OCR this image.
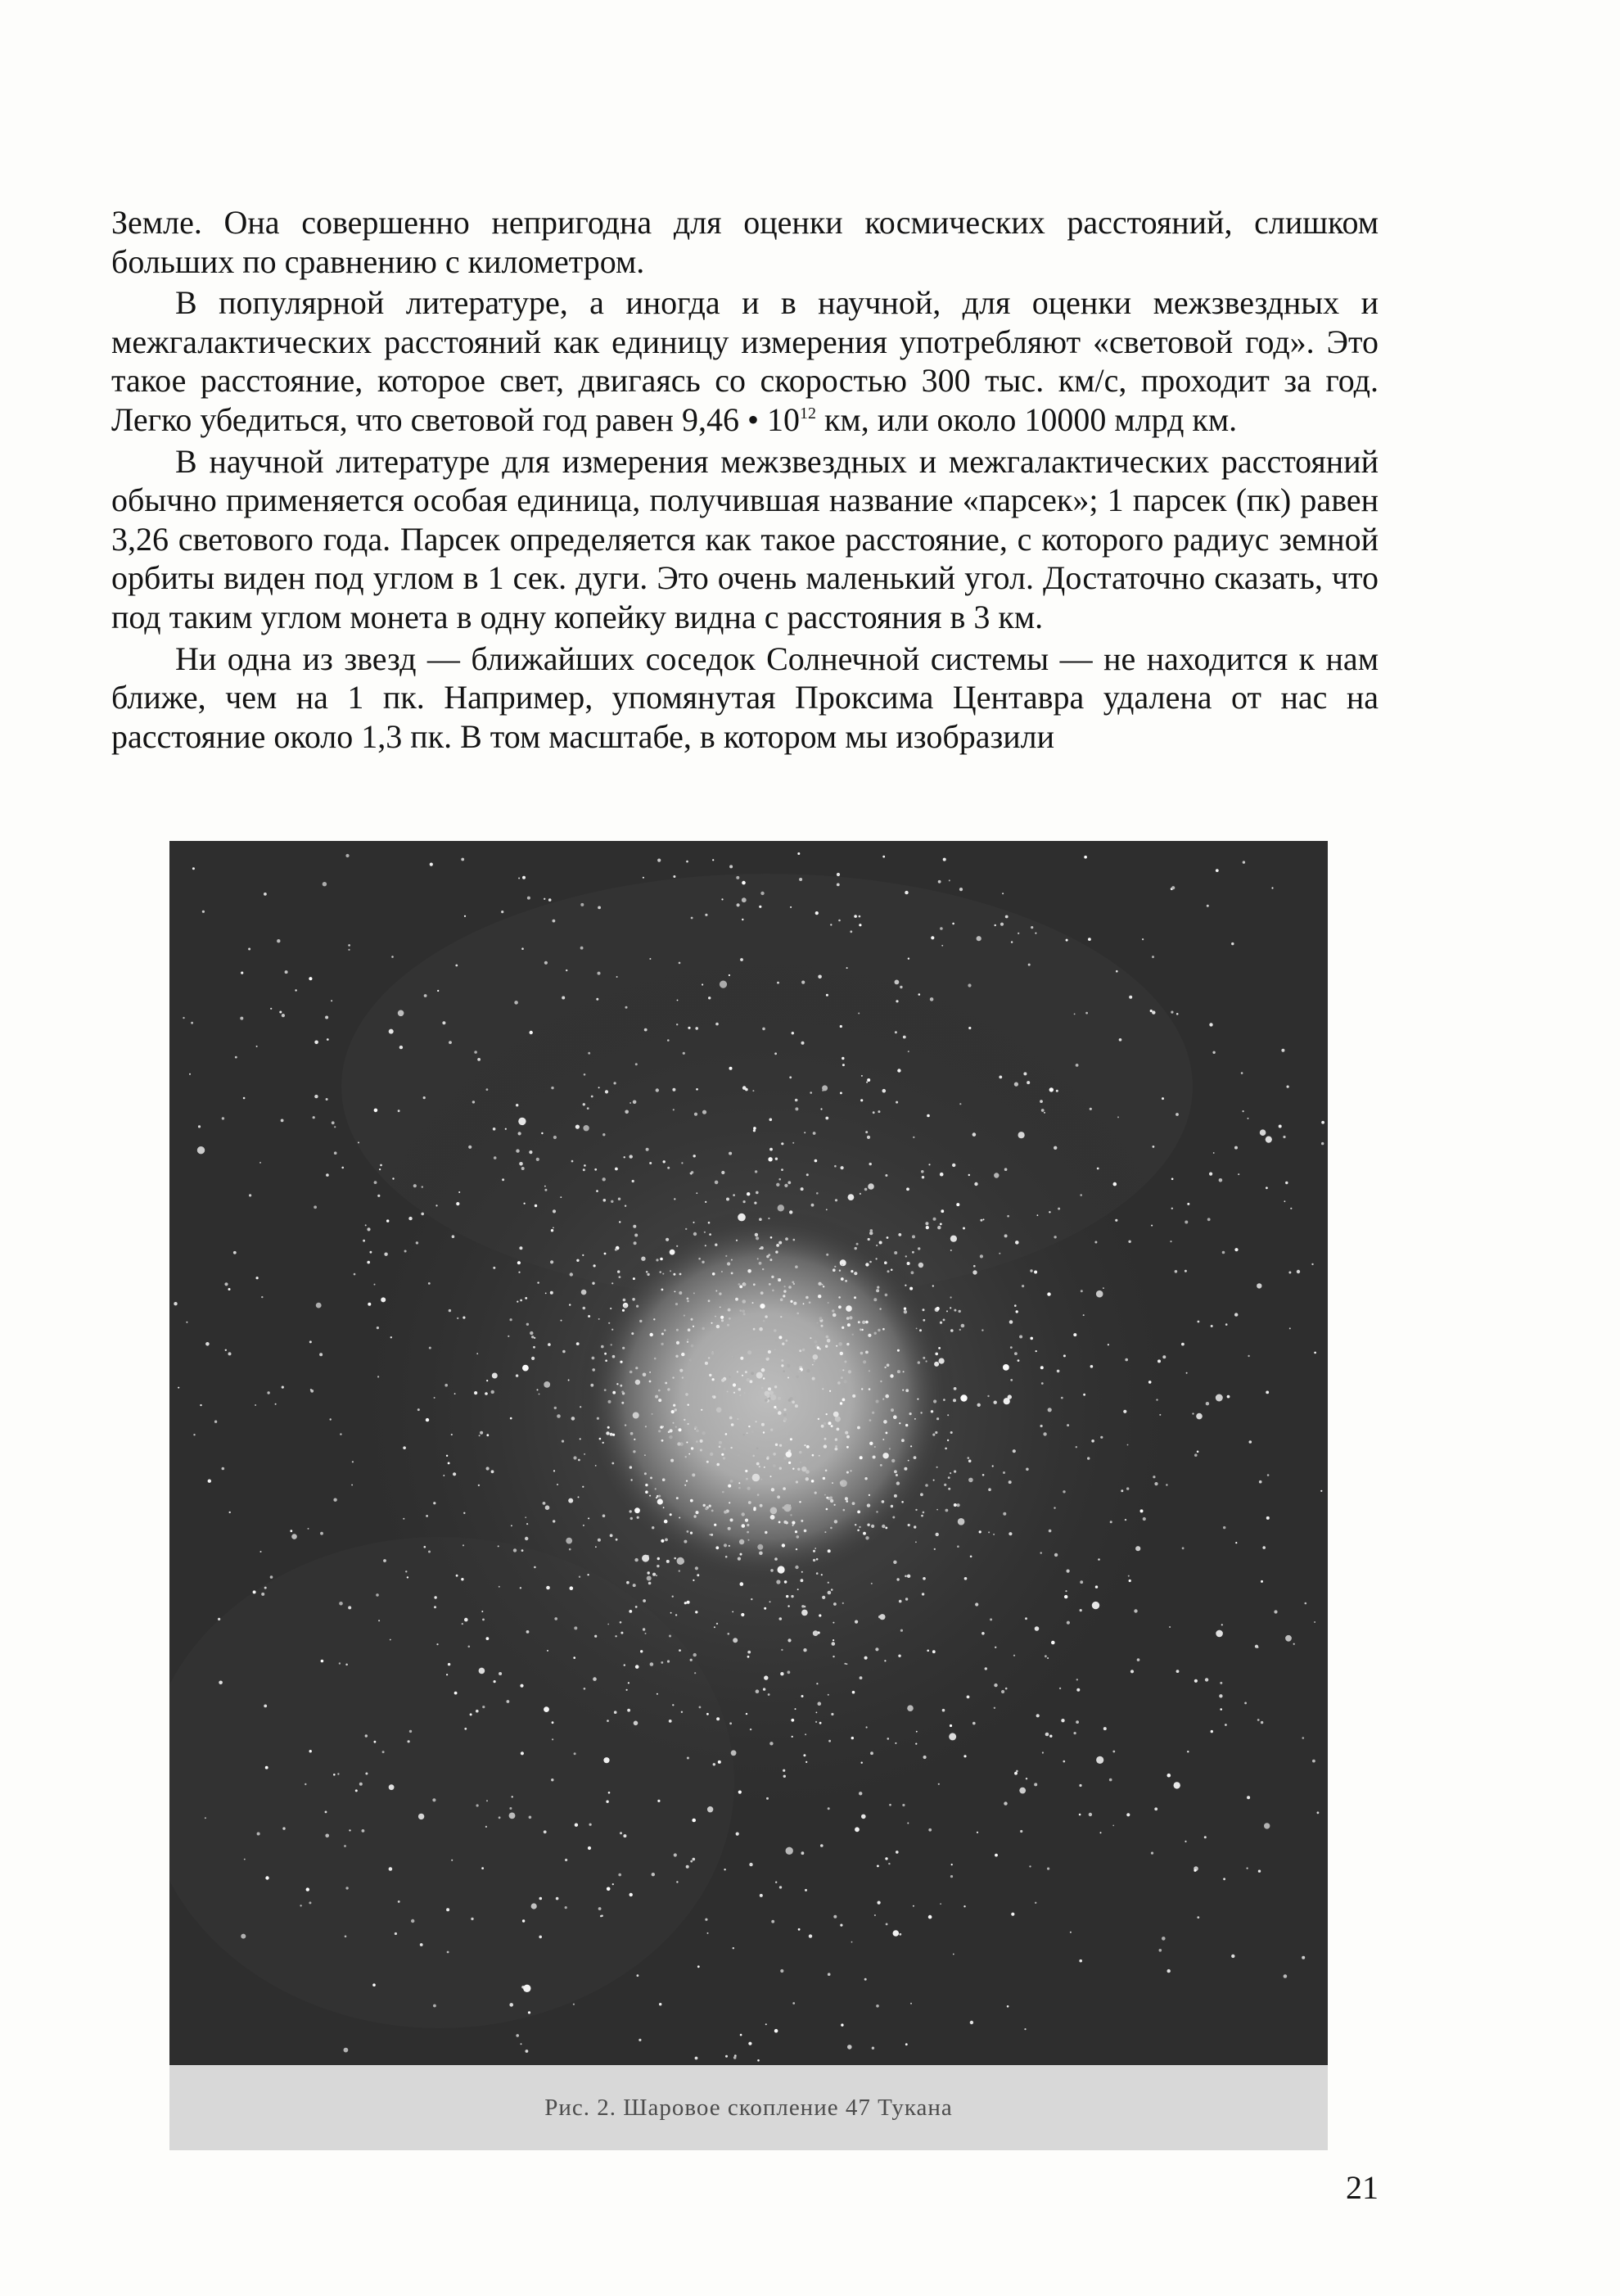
Земле. Она совершенно непригодна для оценки космических расстояний, слишком больших по сравнению с километром.

В популярной литературе, а иногда и в научной, для оценки межзвездных и межгалактических расстояний как единицу измерения употребляют «световой год». Это такое расстояние, которое свет, двигаясь со скоростью 300 тыс. км/с, проходит за год. Легко убедиться, что световой год равен 9,46 • $10^{12}$ км, или около 10000 млрд км.

В научной литературе для измерения межзвездных и межгалактических расстояний обычно применяется особая единица, получившая название «парсек»; 1 парсек (пк) равен 3,26 светового года. Парсек определяется как такое расстояние, с которого радиус земной орбиты виден под углом в 1 сек. дуги. Это очень маленький угол. Достаточно сказать, что под таким углом монета в одну копейку видна с расстояния в 3 км.

Ни одна из звезд — ближайших соседок Солнечной системы — не находится к нам ближе, чем на 1 пк. Например, упомянутая Проксима Центавра удалена от нас на расстояние около 1,3 пк. В том масштабе, в котором мы изобразили

Рис. 2. Шаровое скопление 47 Тукана
21
